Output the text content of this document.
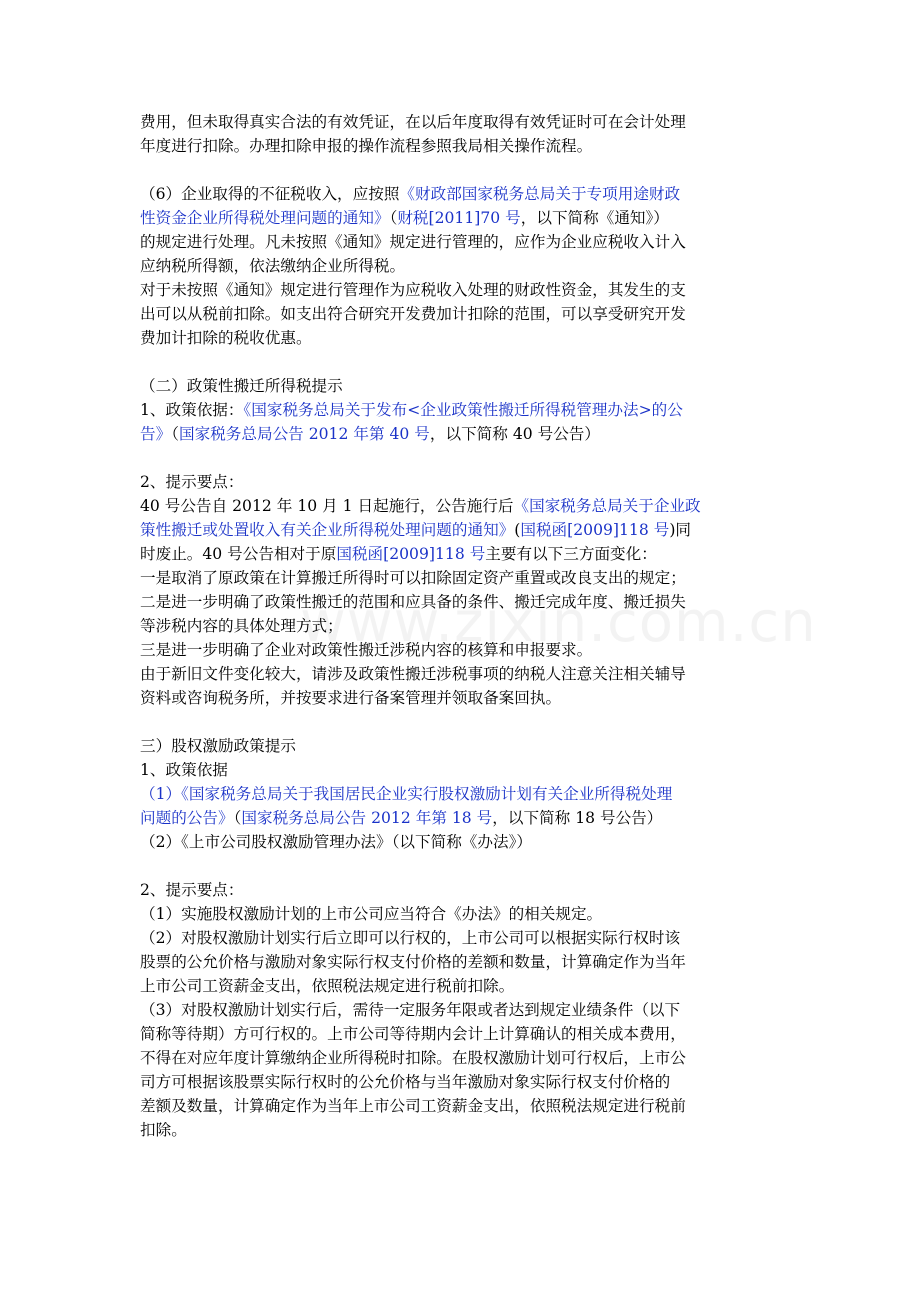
费用，但未取得真实合法的有效凭证，在以后年度取得有效凭证时可在会计处理
年度进行扣除。办理扣除申报的操作流程参照我局相关操作流程。
（6）企业取得的不征税收入，应按照《财政部国家税务总局关于专项用途财政
性资金企业所得税处理问题的通知》（财税[2011]70 号，以下简称《通知》）
的规定进行处理。凡未按照《通知》规定进行管理的，应作为企业应税收入计入
应纳税所得额，依法缴纳企业所得税。
对于未按照《通知》规定进行管理作为应税收入处理的财政性资金，其发生的支
出可以从税前扣除。如支出符合研究开发费加计扣除的范围，可以享受研究开发
费加计扣除的税收优惠。
（二）政策性搬迁所得税提示
1、政策依据：《国家税务总局关于发布<企业政策性搬迁所得税管理办法>的公
告》（国家税务总局公告 2012 年第 40 号，以下简称 40 号公告）
2、提示要点：
40 号公告自 2012 年 10 月 1 日起施行，公告施行后《国家税务总局关于企业政
策性搬迁或处置收入有关企业所得税处理问题的通知》(国税函[2009]118 号)同
时废止。40 号公告相对于原国税函[2009]118 号主要有以下三方面变化：
一是取消了原政策在计算搬迁所得时可以扣除固定资产重置或改良支出的规定；
二是进一步明确了政策性搬迁的范围和应具备的条件、搬迁完成年度、搬迁损失
等涉税内容的具体处理方式；
三是进一步明确了企业对政策性搬迁涉税内容的核算和申报要求。
由于新旧文件变化较大，请涉及政策性搬迁涉税事项的纳税人注意关注相关辅导
资料或咨询税务所，并按要求进行备案管理并领取备案回执。
三）股权激励政策提示
1、政策依据
（1）《国家税务总局关于我国居民企业实行股权激励计划有关企业所得税处理
问题的公告》（国家税务总局公告 2012 年第 18 号，以下简称 18 号公告）
（2）《上市公司股权激励管理办法》（以下简称《办法》）
2、提示要点：
（1）实施股权激励计划的上市公司应当符合《办法》的相关规定。
（2）对股权激励计划实行后立即可以行权的，上市公司可以根据实际行权时该
股票的公允价格与激励对象实际行权支付价格的差额和数量，计算确定作为当年
上市公司工资薪金支出，依照税法规定进行税前扣除。
（3）对股权激励计划实行后，需待一定服务年限或者达到规定业绩条件（以下
简称等待期）方可行权的。上市公司等待期内会计上计算确认的相关成本费用，
不得在对应年度计算缴纳企业所得税时扣除。在股权激励计划可行权后，上市公
司方可根据该股票实际行权时的公允价格与当年激励对象实际行权支付价格的
差额及数量，计算确定作为当年上市公司工资薪金支出，依照税法规定进行税前
扣除。
